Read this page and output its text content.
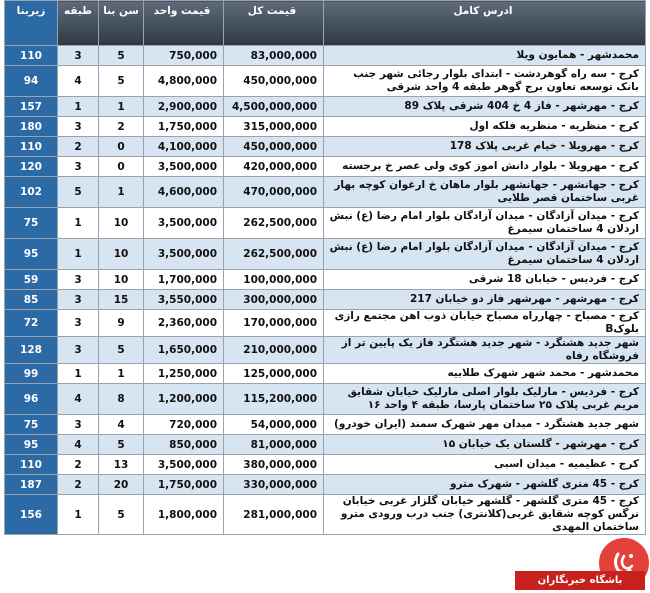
زیربنا	طبقه	سن بنا	قیمت واحد	قیمت کل	ادرس کامل
110	3	5	750,000	83,000,000	محمدشهر - همایون ویلا
94	4	5	4,800,000	450,000,000	کرج - سه راه گوهردشت - ابتدای بلوار رجائی شهر جنب بانک توسعه تعاون برج گوهر طبقه 4 واحد شرقی
157	1	1	2,900,000	4,500,000,000	کرج - مهرشهر - فاز 4 خ 404 شرقی پلاک 89
180	3	2	1,750,000	315,000,000	کرج - منظریه - منظریه فلکه اول
110	2	0	4,100,000	450,000,000	کرج - مهرویلا - خیام غربی پلاک 178
120	3	0	3,500,000	420,000,000	کرج - مهرویلا - بلوار دانش اموز کوی ولی عصر خ برجسته
102	5	1	4,600,000	470,000,000	کرج - جهانشهر - جهانشهر بلوار ماهان خ ارغوان کوچه بهار غربی ساختمان قصر طلایی
75	1	10	3,500,000	262,500,000	کرج - میدان آزادگان - میدان آزادگان بلوار امام رضا (ع) نبش اردلان 4 ساختمان سیمرغ
95	1	10	3,500,000	262,500,000	کرج - میدان آزادگان - میدان آزادگان بلوار امام رضا (ع) نبش اردلان 4 ساختمان سیمرغ
59	3	10	1,700,000	100,000,000	کرج - فردیس - خیابان 18 شرقی
85	3	15	3,550,000	300,000,000	کرج - مهرشهر - مهرشهر فاز دو خیابان 217
72	3	9	2,360,000	170,000,000	کرج - مصباح - چهارراه مصباح خیابان ذوب اهن مجتمع رازی بلوکB
128	3	5	1,650,000	210,000,000	شهر جدید هشتگرد - شهر جدید هشتگرد فاز یک پایین تر از فروشگاه رفاه
99	1	1	1,250,000	125,000,000	محمدشهر - محمد شهر شهرک طلاییه
96	4	8	1,200,000	115,200,000	کرج - فردیس - مارلیک بلوار اصلی مارلیک خیابان شقایق مریم غربی پلاک ۲۵ ساختمان پارسا، طبقه ۴ واحد ۱۶
75	3	4	720,000	54,000,000	شهر جدید هشتگرد - میدان مهر شهرک سمند (ایران خودرو)
95	4	5	850,000	81,000,000	کرج - مهرشهر - گلستان یک خیابان ۱۵
110	2	13	3,500,000	380,000,000	کرج - عظیمیه - میدان اسبی
187	2	20	1,750,000	330,000,000	کرج - 45 متری گلشهر - شهرک مترو
156	1	5	1,800,000	281,000,000	کرج - 45 متری گلشهر - گلشهر خیابان گلزار غربی خیابان نرگس کوچه شقایق غربی(کلانتری) جنب درب ورودی مترو ساختمان المهدی
باشگاه خبرنگاران
